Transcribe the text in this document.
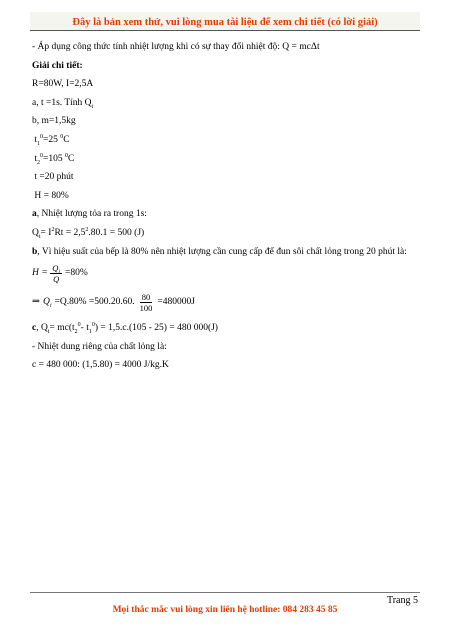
Đây là bản xem thử, vui lòng mua tài liệu để xem chi tiết (có lời giải)

- Áp dụng công thức tính nhiệt lượng khi có sự thay đổi nhiệt độ: Q = mcΔt

Giải chi tiết:

R=80W, I=2,5A

a, t =1s. Tính $Q_t$

b, m=1,5kg

$t_1^0=25$ $^0$C

$t_2^0=105$ $^0$C

t =20 phút

H = 80%

a, Nhiệt lượng tỏa ra trong 1s:

$Q_t= I^2Rt = 2,5^2.80.1 = 500$ (J)

b, Vì hiệu suất của bếp là 80% nên nhiệt lượng cần cung cấp để đun sôi chất lỏng trong 20 phút là:

$H = \frac{Q_i}{Q} =80\%$
⇒ $Q_i =Q.80\% =500.20.60$. $\frac{80}{100} =480000J$

c, $Q_i= mc(t_2^0-$ $t_1^0) = 1,5.c.(105 - 25) = 480$ 000(J)

- Nhiệt dung riêng của chất lỏng là:

c = 480 000: (1,5.80) = 4000 J/kg.K

Trang 5
Mọi thắc mắc vui lòng xin liên hệ hotline: 084 283 45 85
